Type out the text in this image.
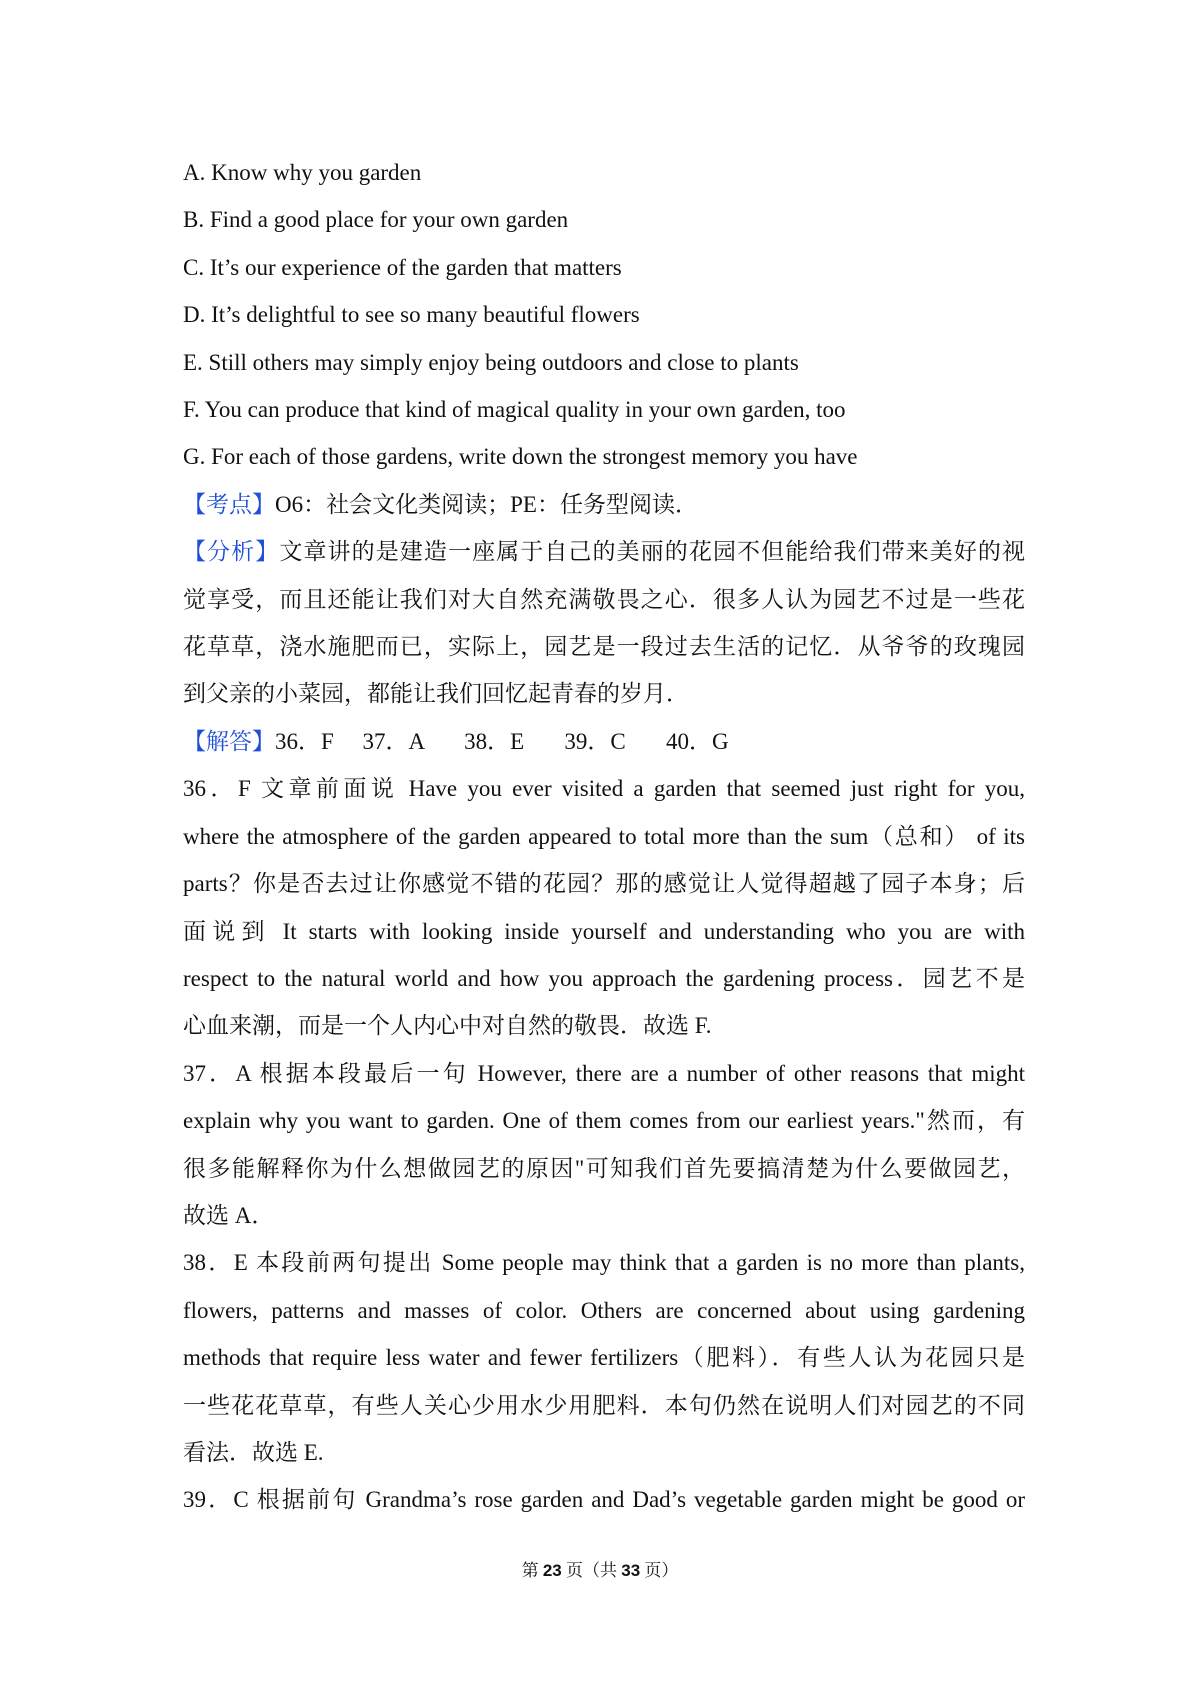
A. Know why you garden

B. Find a good place for your own garden

C. It’s our experience of the garden that matters

D. It’s delightful to see so many beautiful flowers

E. Still others may simply enjoy being outdoors and close to plants

F. You can produce that kind of magical quality in your own garden, too

G. For each of those gardens, write down the strongest memory you have

【考点】O6：社会文化类阅读；PE：任务型阅读．

【分析】文章讲的是建造一座属于自己的美丽的花园不但能给我们带来美好的视

觉享受，而且还能让我们对大自然充满敬畏之心．很多人认为园艺不过是一些花

花草草，浇水施肥而已，实际上，园艺是一段过去生活的记忆．从爷爷的玫瑰园

到父亲的小菜园，都能让我们回忆起青春的岁月．

【解答】36．F     37．A       38．E       39．C       40．G

36．F 文章前面说 Have you ever visited a garden that seemed just right for you,

where the atmosphere of the garden appeared to total more than the sum（总和） of its

parts？你是否去过让你感觉不错的花园？那的感觉让人觉得超越了园子本身；后

面说到 It starts with looking inside yourself and understanding who you are with

respect to the natural world and how you approach the gardening process．园艺不是

心血来潮，而是一个人内心中对自然的敬畏．故选 F.

37．A 根据本段最后一句 However, there are a number of other reasons that might

explain why you want to garden. One of them comes from our earliest years."然而，有

很多能解释你为什么想做园艺的原因"可知我们首先要搞清楚为什么要做园艺，

故选 A．

38．E 本段前两句提出 Some people may think that a garden is no more than plants,

flowers, patterns and masses of color. Others are concerned about using gardening

methods that require less water and fewer fertilizers（肥料）．有些人认为花园只是

一些花花草草，有些人关心少用水少用肥料．本句仍然在说明人们对园艺的不同

看法．故选 E.

39．C 根据前句 Grandma’s rose garden and Dad’s vegetable garden might be good or

第 23 页（共 33 页）
